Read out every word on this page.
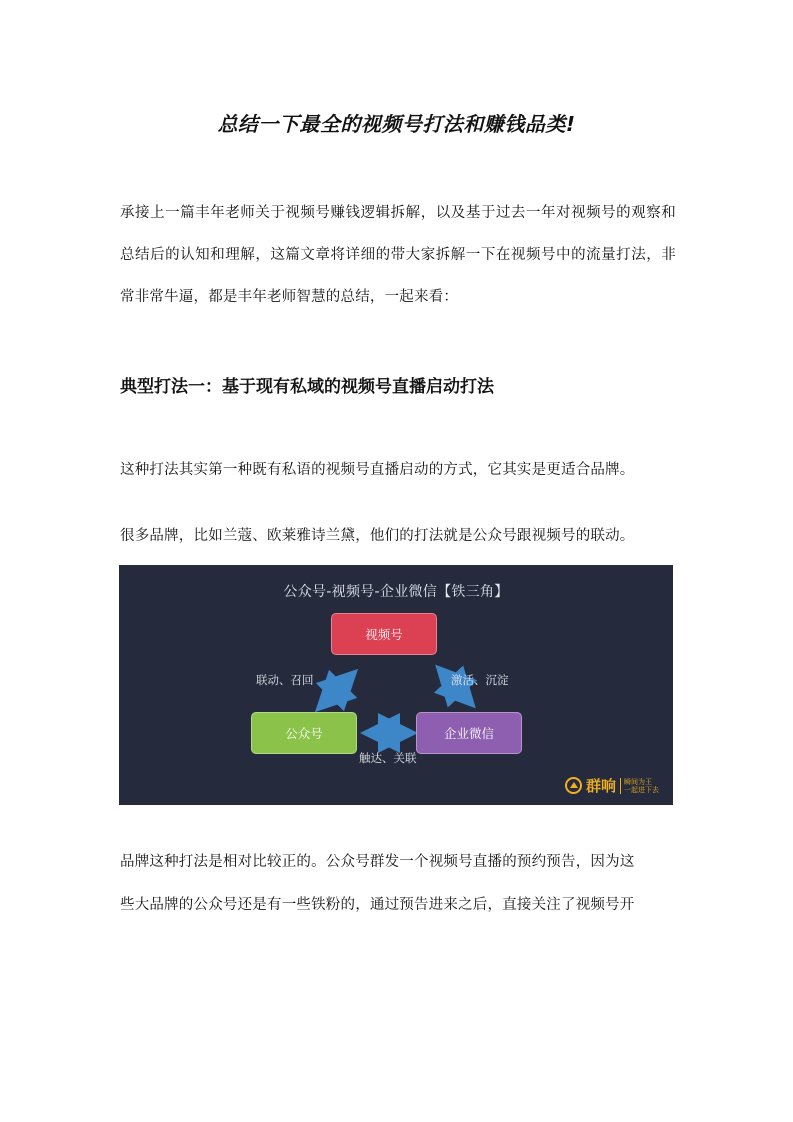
总结一下最全的视频号打法和赚钱品类!
承接上一篇丰年老师关于视频号赚钱逻辑拆解，以及基于过去一年对视频号的观察和总结后的认知和理解，这篇文章将详细的带大家拆解一下在视频号中的流量打法，非常非常牛逼，都是丰年老师智慧的总结，一起来看：
典型打法一：基于现有私域的视频号直播启动打法
这种打法其实第一种既有私语的视频号直播启动的方式，它其实是更适合品牌。
很多品牌，比如兰蔻、欧莱雅诗兰黛，他们的打法就是公众号跟视频号的联动。
公众号-视频号-企业微信【铁三角】
视频号
公众号	企业微信
联动、召回	激活、沉淀
触达、关联
群响	瞬间为王
一起进下去
品牌这种打法是相对比较正的。公众号群发一个视频号直播的预约预告，因为这
些大品牌的公众号还是有一些铁粉的，通过预告进来之后，直接关注了视频号开
